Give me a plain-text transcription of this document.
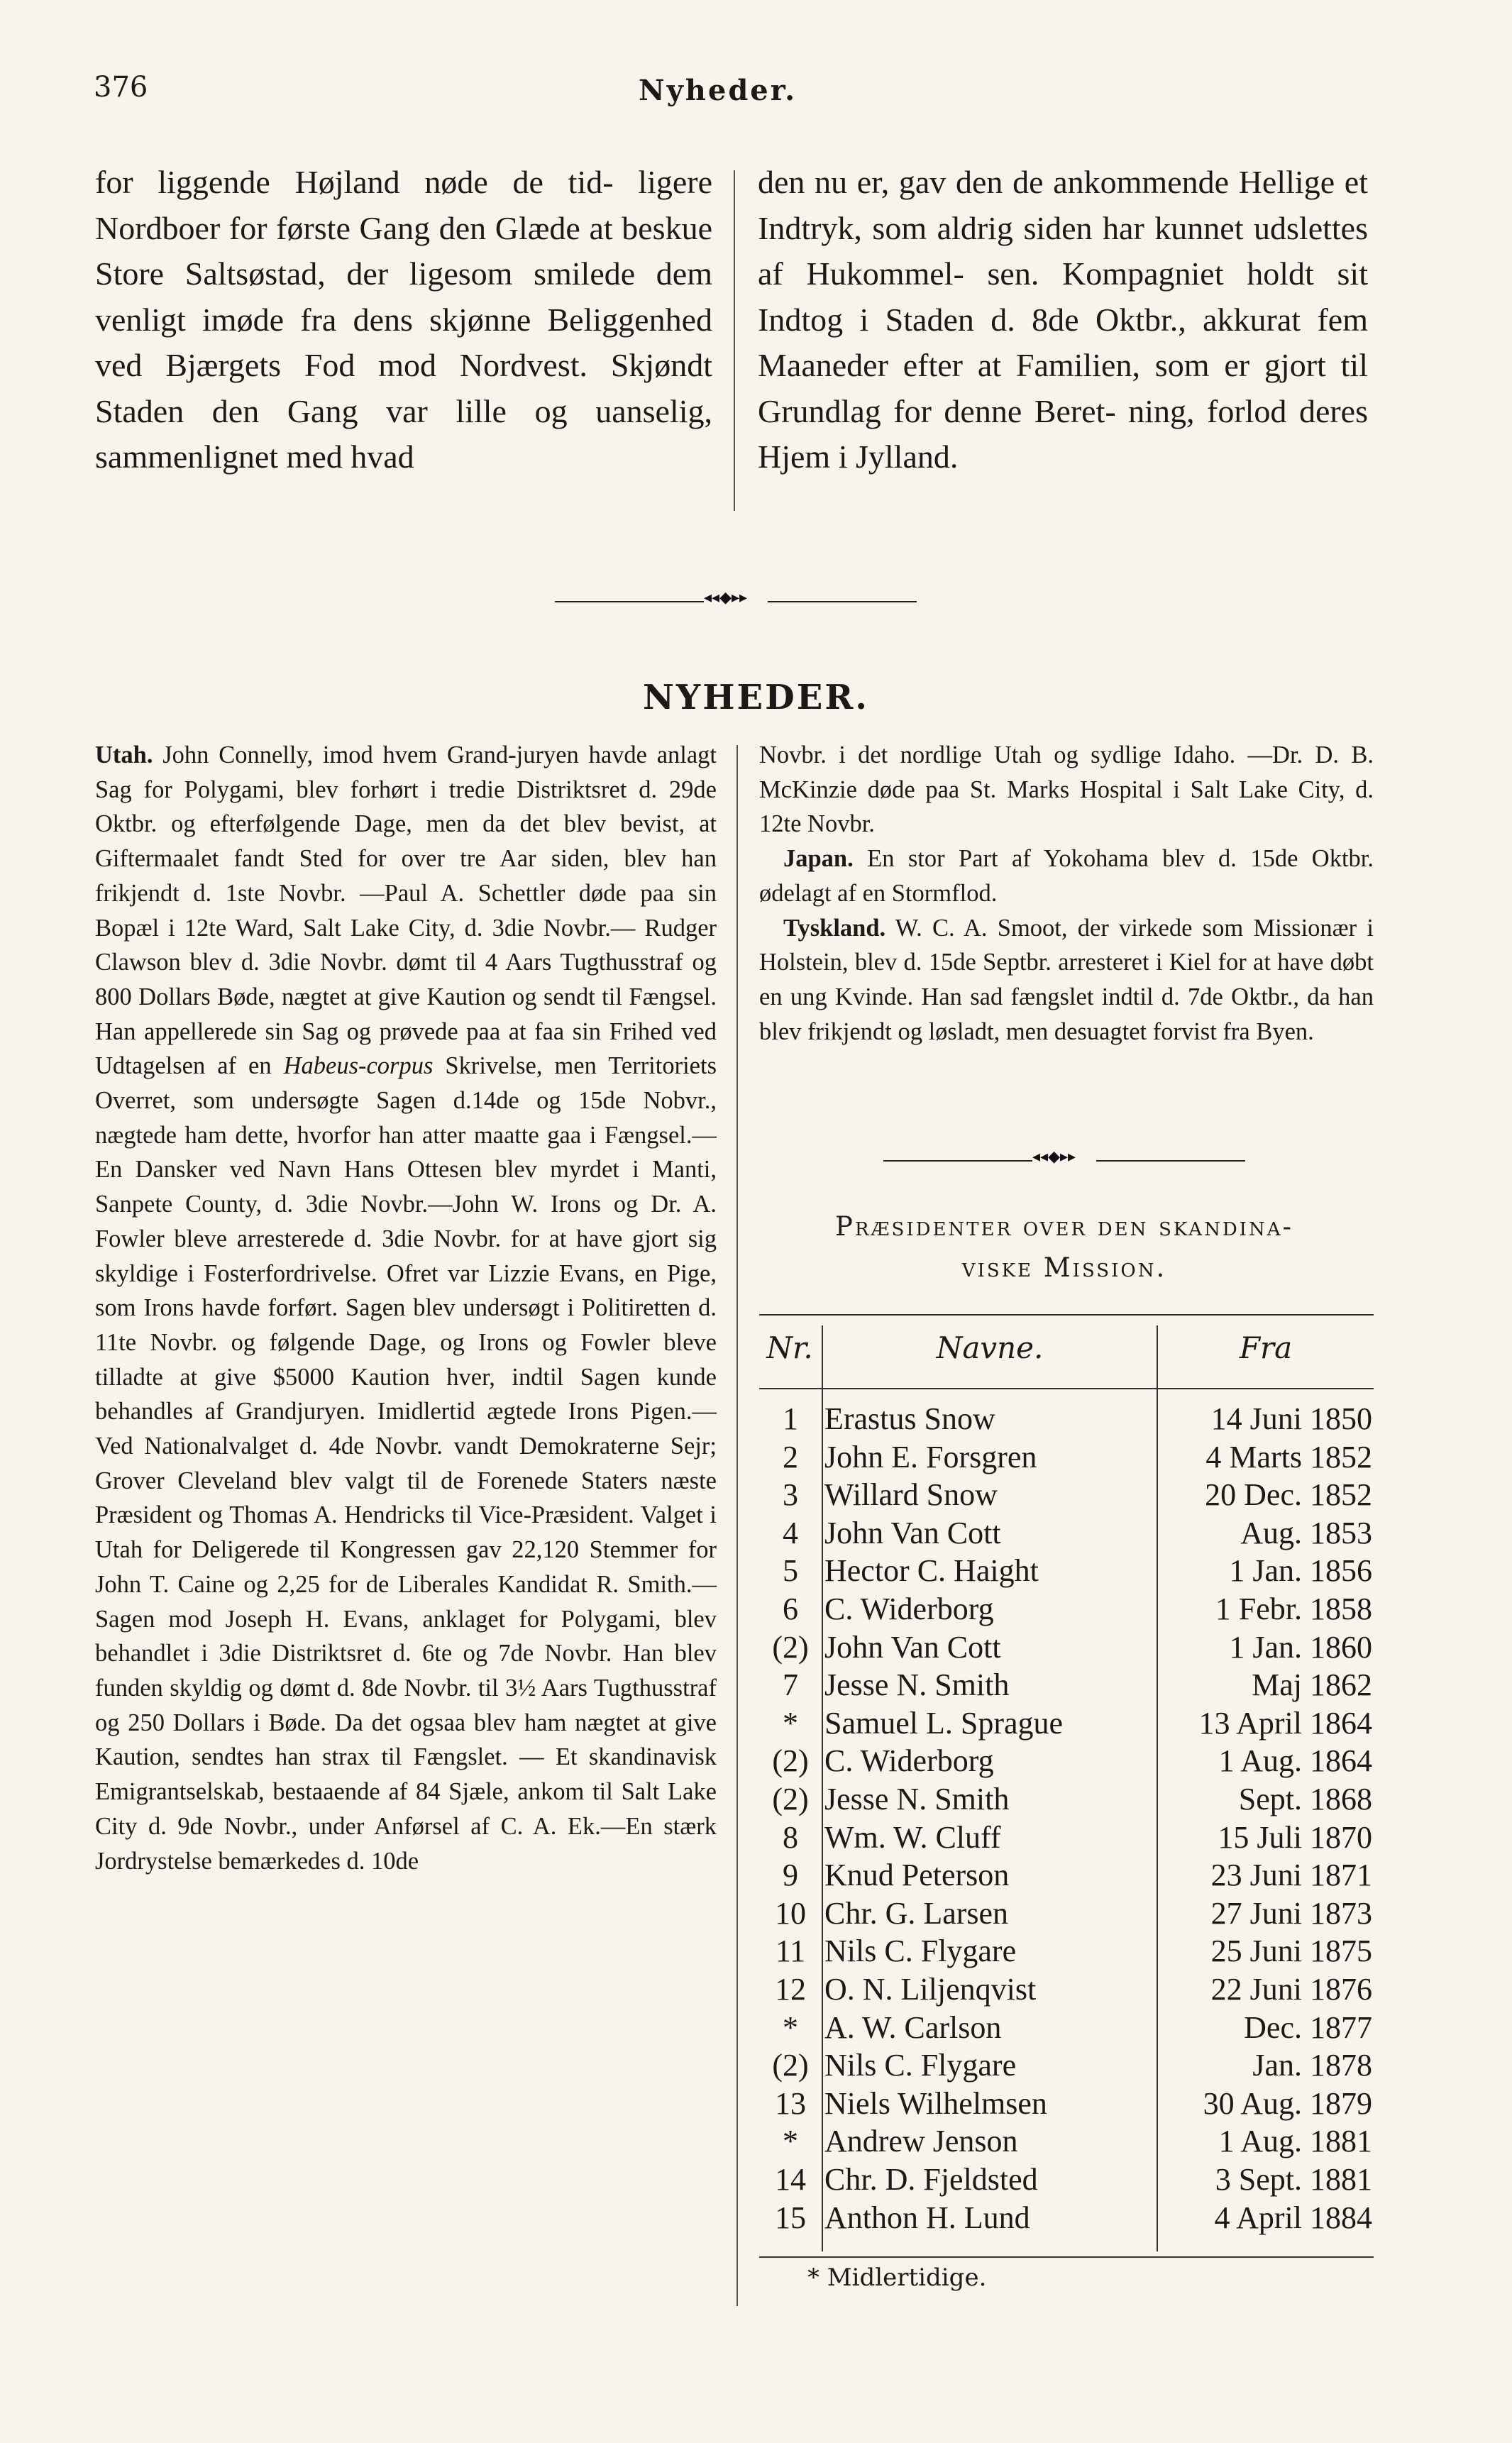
376	Nyheder.

for liggende Højland nøde de tid- ligere Nordboer for første Gang den Glæde at beskue Store Saltsøstad, der ligesom smilede dem venligt imøde fra dens skjønne Beliggenhed ved Bjærgets Fod mod Nordvest. Skjøndt Staden den Gang var lille og uanselig, sammenlignet med hvad

den nu er, gav den de ankommende Hellige et Indtryk, som aldrig siden har kunnet udslettes af Hukommel- sen. Kompagniet holdt sit Indtog i Staden d. 8de Oktbr., akkurat fem Maaneder efter at Familien, som er gjort til Grundlag for denne Beret- ning, forlod deres Hjem i Jylland.

◂◂◆▸▸
NYHEDER.

Utah. John Connelly, imod hvem Grand-juryen havde anlagt Sag for Polygami, blev forhørt i tredie Distriktsret d. 29de Oktbr. og efterfølgende Dage, men da det blev bevist, at Giftermaalet fandt Sted for over tre Aar siden, blev han frikjendt d. 1ste Novbr. —Paul A. Schettler døde paa sin Bopæl i 12te Ward, Salt Lake City, d. 3die Novbr.— Rudger Clawson blev d. 3die Novbr. dømt til 4 Aars Tugthusstraf og 800 Dollars Bøde, nægtet at give Kaution og sendt til Fængsel. Han appellerede sin Sag og prøvede paa at faa sin Frihed ved Udtagelsen af en Habeus-corpus Skrivelse, men Territoriets Overret, som undersøgte Sagen d.14de og 15de Nobvr., nægtede ham dette, hvorfor han atter maatte gaa i Fængsel.—En Dansker ved Navn Hans Ottesen blev myrdet i Manti, Sanpete County, d. 3die Novbr.—John W. Irons og Dr. A. Fowler bleve arresterede d. 3die Novbr. for at have gjort sig skyldige i Fosterfordrivelse. Ofret var Lizzie Evans, en Pige, som Irons havde forført. Sagen blev undersøgt i Politiretten d. 11te Novbr. og følgende Dage, og Irons og Fowler bleve tilladte at give $5000 Kaution hver, indtil Sagen kunde behandles af Grandjuryen. Imidlertid ægtede Irons Pigen.—Ved Nationalvalget d. 4de Novbr. vandt Demokraterne Sejr; Grover Cleveland blev valgt til de Forenede Staters næste Præsident og Thomas A. Hendricks til Vice-Præsident. Valget i Utah for Deligerede til Kongressen gav 22,120 Stemmer for John T. Caine og 2,25 for de Liberales Kandidat R. Smith.—Sagen mod Joseph H. Evans, anklaget for Polygami, blev behandlet i 3die Distriktsret d. 6te og 7de Novbr. Han blev funden skyldig og dømt d. 8de Novbr. til 3½ Aars Tugthusstraf og 250 Dollars i Bøde. Da det ogsaa blev ham nægtet at give Kaution, sendtes han strax til Fængslet. — Et skandinavisk Emigrantselskab, bestaaende af 84 Sjæle, ankom til Salt Lake City d. 9de Novbr., under Anførsel af C. A. Ek.—En stærk Jordrystelse bemærkedes d. 10de

Novbr. i det nordlige Utah og sydlige Idaho. —Dr. D. B. McKinzie døde paa St. Marks Hospital i Salt Lake City, d. 12te Novbr.

Japan. En stor Part af Yokohama blev d. 15de Oktbr. ødelagt af en Stormflod.

Tyskland. W. C. A. Smoot, der virkede som Missionær i Holstein, blev d. 15de Septbr. arresteret i Kiel for at have døbt en ung Kvinde. Han sad fængslet indtil d. 7de Oktbr., da han blev frikjendt og løsladt, men desuagtet forvist fra Byen.

◂◂◆▸▸
Præsidenter over den skandina-
viske Mission.
Nr.	Navne.	Fra
1 Erastus Snow	14 Juni 1850
2 John E. Forsgren	4 Marts 1852
3 Willard Snow	20 Dec. 1852
4 John Van Cott	Aug. 1853
5 Hector C. Haight	1 Jan. 1856
6 C. Widerborg	1 Febr. 1858
(2) John Van Cott	1 Jan. 1860
7 Jesse N. Smith	Maj 1862
* Samuel L. Sprague	13 April 1864
(2) C. Widerborg	1 Aug. 1864
(2) Jesse N. Smith	Sept. 1868
8 Wm. W. Cluff	15 Juli 1870
9 Knud Peterson	23 Juni 1871
10 Chr. G. Larsen	27 Juni 1873
11 Nils C. Flygare	25 Juni 1875
12 O. N. Liljenqvist	22 Juni 1876
* A. W. Carlson	Dec. 1877
(2) Nils C. Flygare	Jan. 1878
13 Niels Wilhelmsen	30 Aug. 1879
* Andrew Jenson	1 Aug. 1881
14 Chr. D. Fjeldsted	3 Sept. 1881
15 Anthon H. Lund	4 April 1884
* Midlertidige.
